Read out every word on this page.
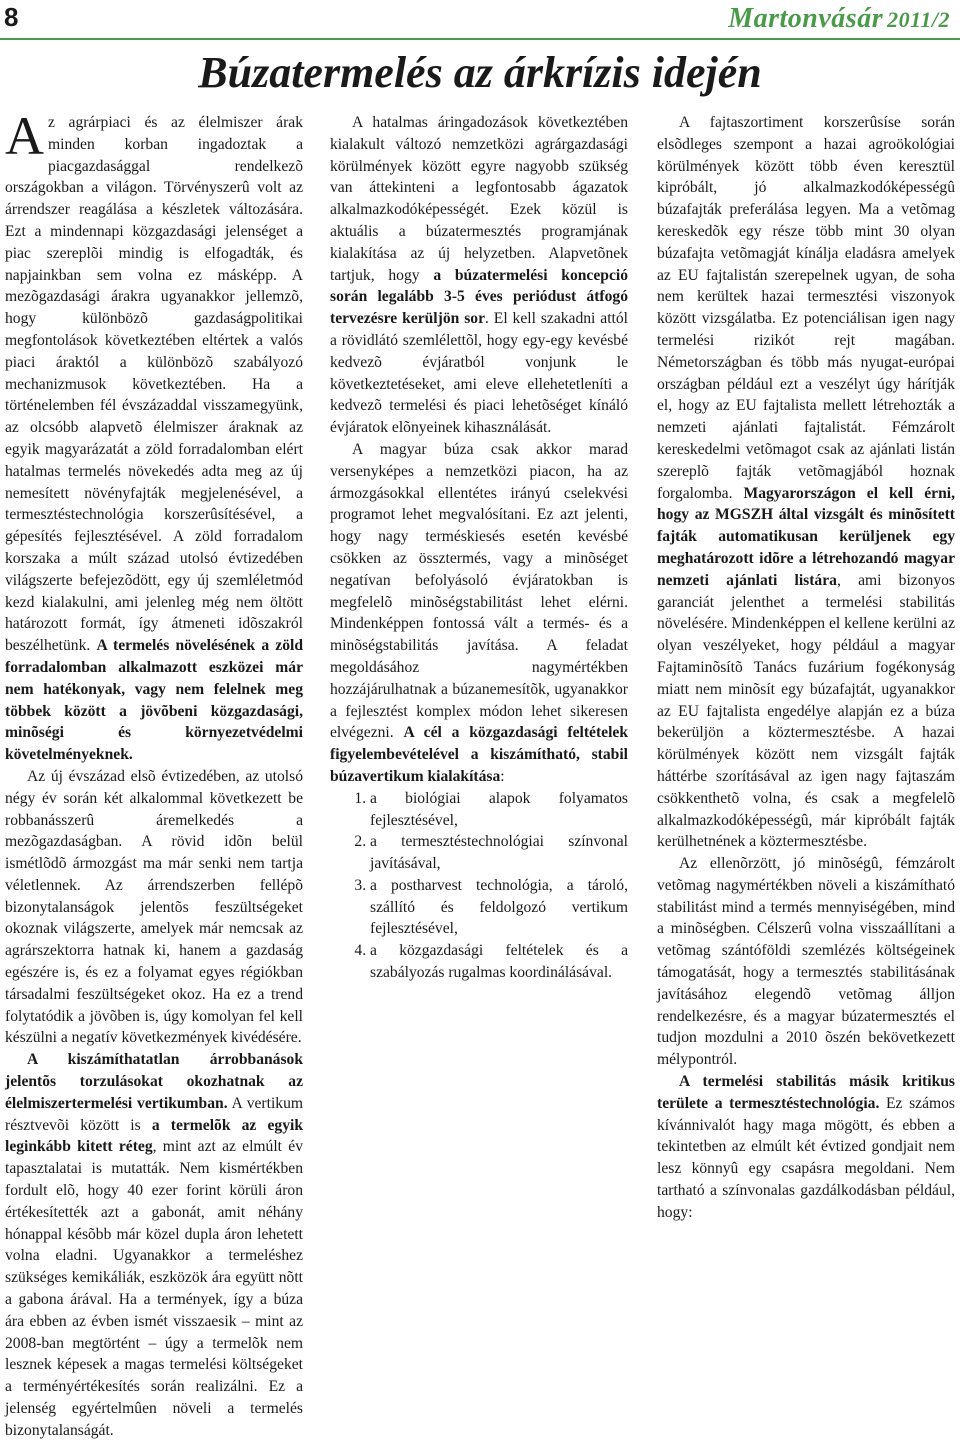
8	Martonvásár 2011/2
Búzatermelés az árkrízis idején

Az agrárpiaci és az élelmiszer árak minden korban ingadoztak a piacgazdasággal rendelkezõ országokban a világon. Törvényszerû volt az árrendszer reagálása a készletek változására. Ezt a mindennapi közgazdasági jelenséget a piac szereplõi mindig is elfogadták, és napjainkban sem volna ez másképp. A mezõgazdasági árakra ugyanakkor jellemzõ, hogy különbözõ gazdaságpolitikai megfontolások következtében eltértek a valós piaci áraktól a különbözõ szabályozó mechanizmusok következtében. Ha a történelemben fél évszázaddal visszamegyünk, az olcsóbb alapvetõ élelmiszer áraknak az egyik magyarázatát a zöld forradalomban elért hatalmas termelés növekedés adta meg az új nemesített növényfajták megjelenésével, a termesztéstechnológia korszerûsítésével, a gépesítés fejlesztésével. A zöld forradalom korszaka a múlt század utolsó évtizedében világszerte befejezõdött, egy új szemléletmód kezd kialakulni, ami jelenleg még nem öltött határozott formát, így átmeneti idõszakról beszélhetünk. A termelés növelésének a zöld forradalomban alkalmazott eszközei már nem hatékonyak, vagy nem felelnek meg többek között a jövõbeni közgazdasági, minõségi és környezetvédelmi követelményeknek.

Az új évszázad elsõ évtizedében, az utolsó négy év során két alkalommal következett be robbanásszerû áremelkedés a mezõgazdaságban. A rövid idõn belül ismétlõdõ ármozgást ma már senki nem tartja véletlennek. Az árrendszerben fellépõ bizonytalanságok jelentõs feszültségeket okoznak világszerte, amelyek már nemcsak az agrárszektorra hatnak ki, hanem a gazdaság egészére is, és ez a folyamat egyes régiókban társadalmi feszültségeket okoz. Ha ez a trend folytatódik a jövõben is, úgy komolyan fel kell készülni a negatív következmények kivédésére.

A kiszámíthatatlan árrobbanások jelentõs torzulásokat okozhatnak az élelmiszertermelési vertikumban. A vertikum résztvevõi között is a termelõk az egyik leginkább kitett réteg, mint azt az elmúlt év tapasztalatai is mutatták. Nem kismértékben fordult elõ, hogy 40 ezer forint körüli áron értékesítették azt a gabonát, amit néhány hónappal késõbb már közel dupla áron lehetett volna eladni. Ugyanakkor a termeléshez szükséges kemikáliák, eszközök ára együtt nõtt a gabona árával. Ha a termények, így a búza ára ebben az évben ismét visszaesik – mint az 2008-ban megtörtént – úgy a termelõk nem lesznek képesek a magas termelési költségeket a terményértékesítés során realizálni. Ez a jelenség egyértelmûen növeli a termelés bizonytalanságát.

A hatalmas áringadozások következtében kialakult változó nemzetközi agrárgazdasági körülmények között egyre nagyobb szükség van áttekinteni a legfontosabb ágazatok alkalmazkodóképességét. Ezek közül is aktuális a búzatermesztés programjának kialakítása az új helyzetben. Alapvetõnek tartjuk, hogy a búzatermelési koncepció során legalább 3-5 éves periódust átfogó tervezésre kerüljön sor. El kell szakadni attól a rövidlátó szemlélettõl, hogy egy-egy kevésbé kedvezõ évjáratból vonjunk le következtetéseket, ami eleve ellehetetleníti a kedvezõ termelési és piaci lehetõséget kínáló évjáratok elõnyeinek kihasználását.

A magyar búza csak akkor marad versenyképes a nemzetközi piacon, ha az ármozgásokkal ellentétes irányú cselekvési programot lehet megvalósítani. Ez azt jelenti, hogy nagy terméskiesés esetén kevésbé csökken az össztermés, vagy a minõséget negatívan befolyásoló évjáratokban is megfelelõ minõségstabilitást lehet elérni. Mindenképpen fontossá vált a termés- és a minõségstabilitás javítása. A feladat megoldásához nagymértékben hozzájárulhatnak a búzanemesítõk, ugyanakkor a fejlesztést komplex módon lehet sikeresen elvégezni. A cél a közgazdasági feltételek figyelembevételével a kiszámítható, stabil búzavertikum kialakítása:

1. a biológiai alapok folyamatos fejlesztésével,
2. a termesztéstechnológiai színvonal javításával,
3. a postharvest technológia, a tároló, szállító és feldolgozó vertikum fejlesztésével,
4. a közgazdasági feltételek és a szabályozás rugalmas koordinálásával.

A fajtaszortiment korszerûsíse során elsõdleges szempont a hazai agroökológiai körülmények között több éven keresztül kipróbált, jó alkalmazkodóképességû búzafajták preferálása legyen. Ma a vetõmag kereskedõk egy része több mint 30 olyan búzafajta vetõmagját kínálja eladásra amelyek az EU fajtalistán szerepelnek ugyan, de soha nem kerültek hazai termesztési viszonyok között vizsgálatba. Ez potenciálisan igen nagy termelési rizikót rejt magában. Németországban és több más nyugat-európai országban például ezt a veszélyt úgy hárítják el, hogy az EU fajtalista mellett létrehozták a nemzeti ajánlati fajtalistát. Fémzárolt kereskedelmi vetõmagot csak az ajánlati listán szereplõ fajták vetõmagjából hoznak forgalomba. Magyarországon el kell érni, hogy az MGSZH által vizsgált és minõsített fajták automatikusan kerüljenek egy meghatározott idõre a létrehozandó magyar nemzeti ajánlati listára, ami bizonyos garanciát jelenthet a termelési stabilitás növelésére. Mindenképpen el kellene kerülni az olyan veszélyeket, hogy például a magyar Fajtaminõsítõ Tanács fuzárium fogékonyság miatt nem minõsít egy búzafajtát, ugyanakkor az EU fajtalista engedélye alapján ez a búza bekerüljön a köztermesztésbe. A hazai körülmények között nem vizsgált fajták háttérbe szorításával az igen nagy fajtaszám csökkenthetõ volna, és csak a megfelelõ alkalmazkodóképességû, már kipróbált fajták kerülhetnének a köztermesztésbe.

Az ellenõrzött, jó minõségû, fémzárolt vetõmag nagymértékben növeli a kiszámítható stabilitást mind a termés mennyiségében, mind a minõségben. Célszerû volna visszaállítani a vetõmag szántóföldi szemlézés költségeinek támogatását, hogy a termesztés stabilitásának javításához elegendõ vetõmag álljon rendelkezésre, és a magyar búzatermesztés el tudjon mozdulni a 2010 õszén bekövetkezett mélypontról.

A termelési stabilitás másik kritikus területe a termesztéstechnológia. Ez számos kívánnivalót hagy maga mögött, és ebben a tekintetben az elmúlt két évtized gondjait nem lesz könnyû egy csapásra megoldani. Nem tartható a színvonalas gazdálkodásban például, hogy:
